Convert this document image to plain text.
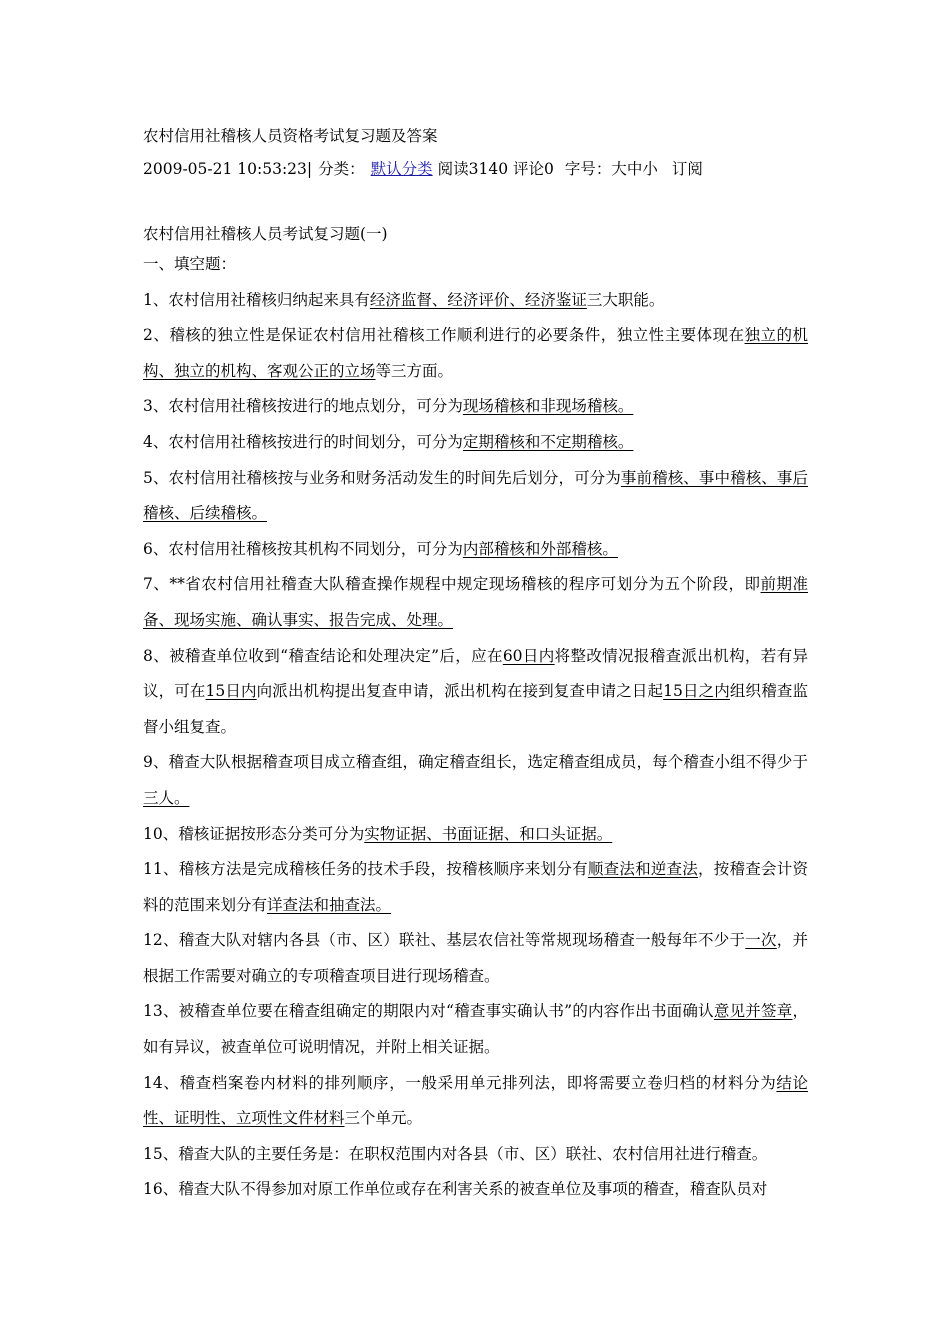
农村信用社稽核人员资格考试复习题及答案
2009-05-21 10:53:23| 分类： 默认分类 阅读3140 评论0 字号：大中小 订阅
农村信用社稽核人员考试复习题(一)

一、填空题：

1、农村信用社稽核归纳起来具有经济监督、经济评价、经济鉴证三大职能。

2、稽核的独立性是保证农村信用社稽核工作顺利进行的必要条件，独立性主要体现在独立的机构、独立的机构、客观公正的立场等三方面。

3、农村信用社稽核按进行的地点划分，可分为现场稽核和非现场稽核。

4、农村信用社稽核按进行的时间划分，可分为定期稽核和不定期稽核。

5、农村信用社稽核按与业务和财务活动发生的时间先后划分，可分为事前稽核、事中稽核、事后稽核、后续稽核。

6、农村信用社稽核按其机构不同划分，可分为内部稽核和外部稽核。

7、**省农村信用社稽查大队稽查操作规程中规定现场稽核的程序可划分为五个阶段，即前期准备、现场实施、确认事实、报告完成、处理。

8、被稽查单位收到“稽查结论和处理决定”后，应在60日内将整改情况报稽查派出机构，若有异议，可在15日内向派出机构提出复查申请，派出机构在接到复查申请之日起15日之内组织稽查监督小组复查。

9、稽查大队根据稽查项目成立稽查组，确定稽查组长，选定稽查组成员，每个稽查小组不得少于三人。

10、稽核证据按形态分类可分为实物证据、书面证据、和口头证据。

11、稽核方法是完成稽核任务的技术手段，按稽核顺序来划分有顺查法和逆查法，按稽查会计资料的范围来划分有详查法和抽查法。

12、稽查大队对辖内各县（市、区）联社、基层农信社等常规现场稽查一般每年不少于一次，并根据工作需要对确立的专项稽查项目进行现场稽查。

13、被稽查单位要在稽查组确定的期限内对“稽查事实确认书”的内容作出书面确认意见并签章，如有异议，被查单位可说明情况，并附上相关证据。

14、稽查档案卷内材料的排列顺序，一般采用单元排列法，即将需要立卷归档的材料分为结论性、证明性、立项性文件材料三个单元。

15、稽查大队的主要任务是：在职权范围内对各县（市、区）联社、农村信用社进行稽查。

16、稽查大队不得参加对原工作单位或存在利害关系的被查单位及事项的稽查，稽查队员对
